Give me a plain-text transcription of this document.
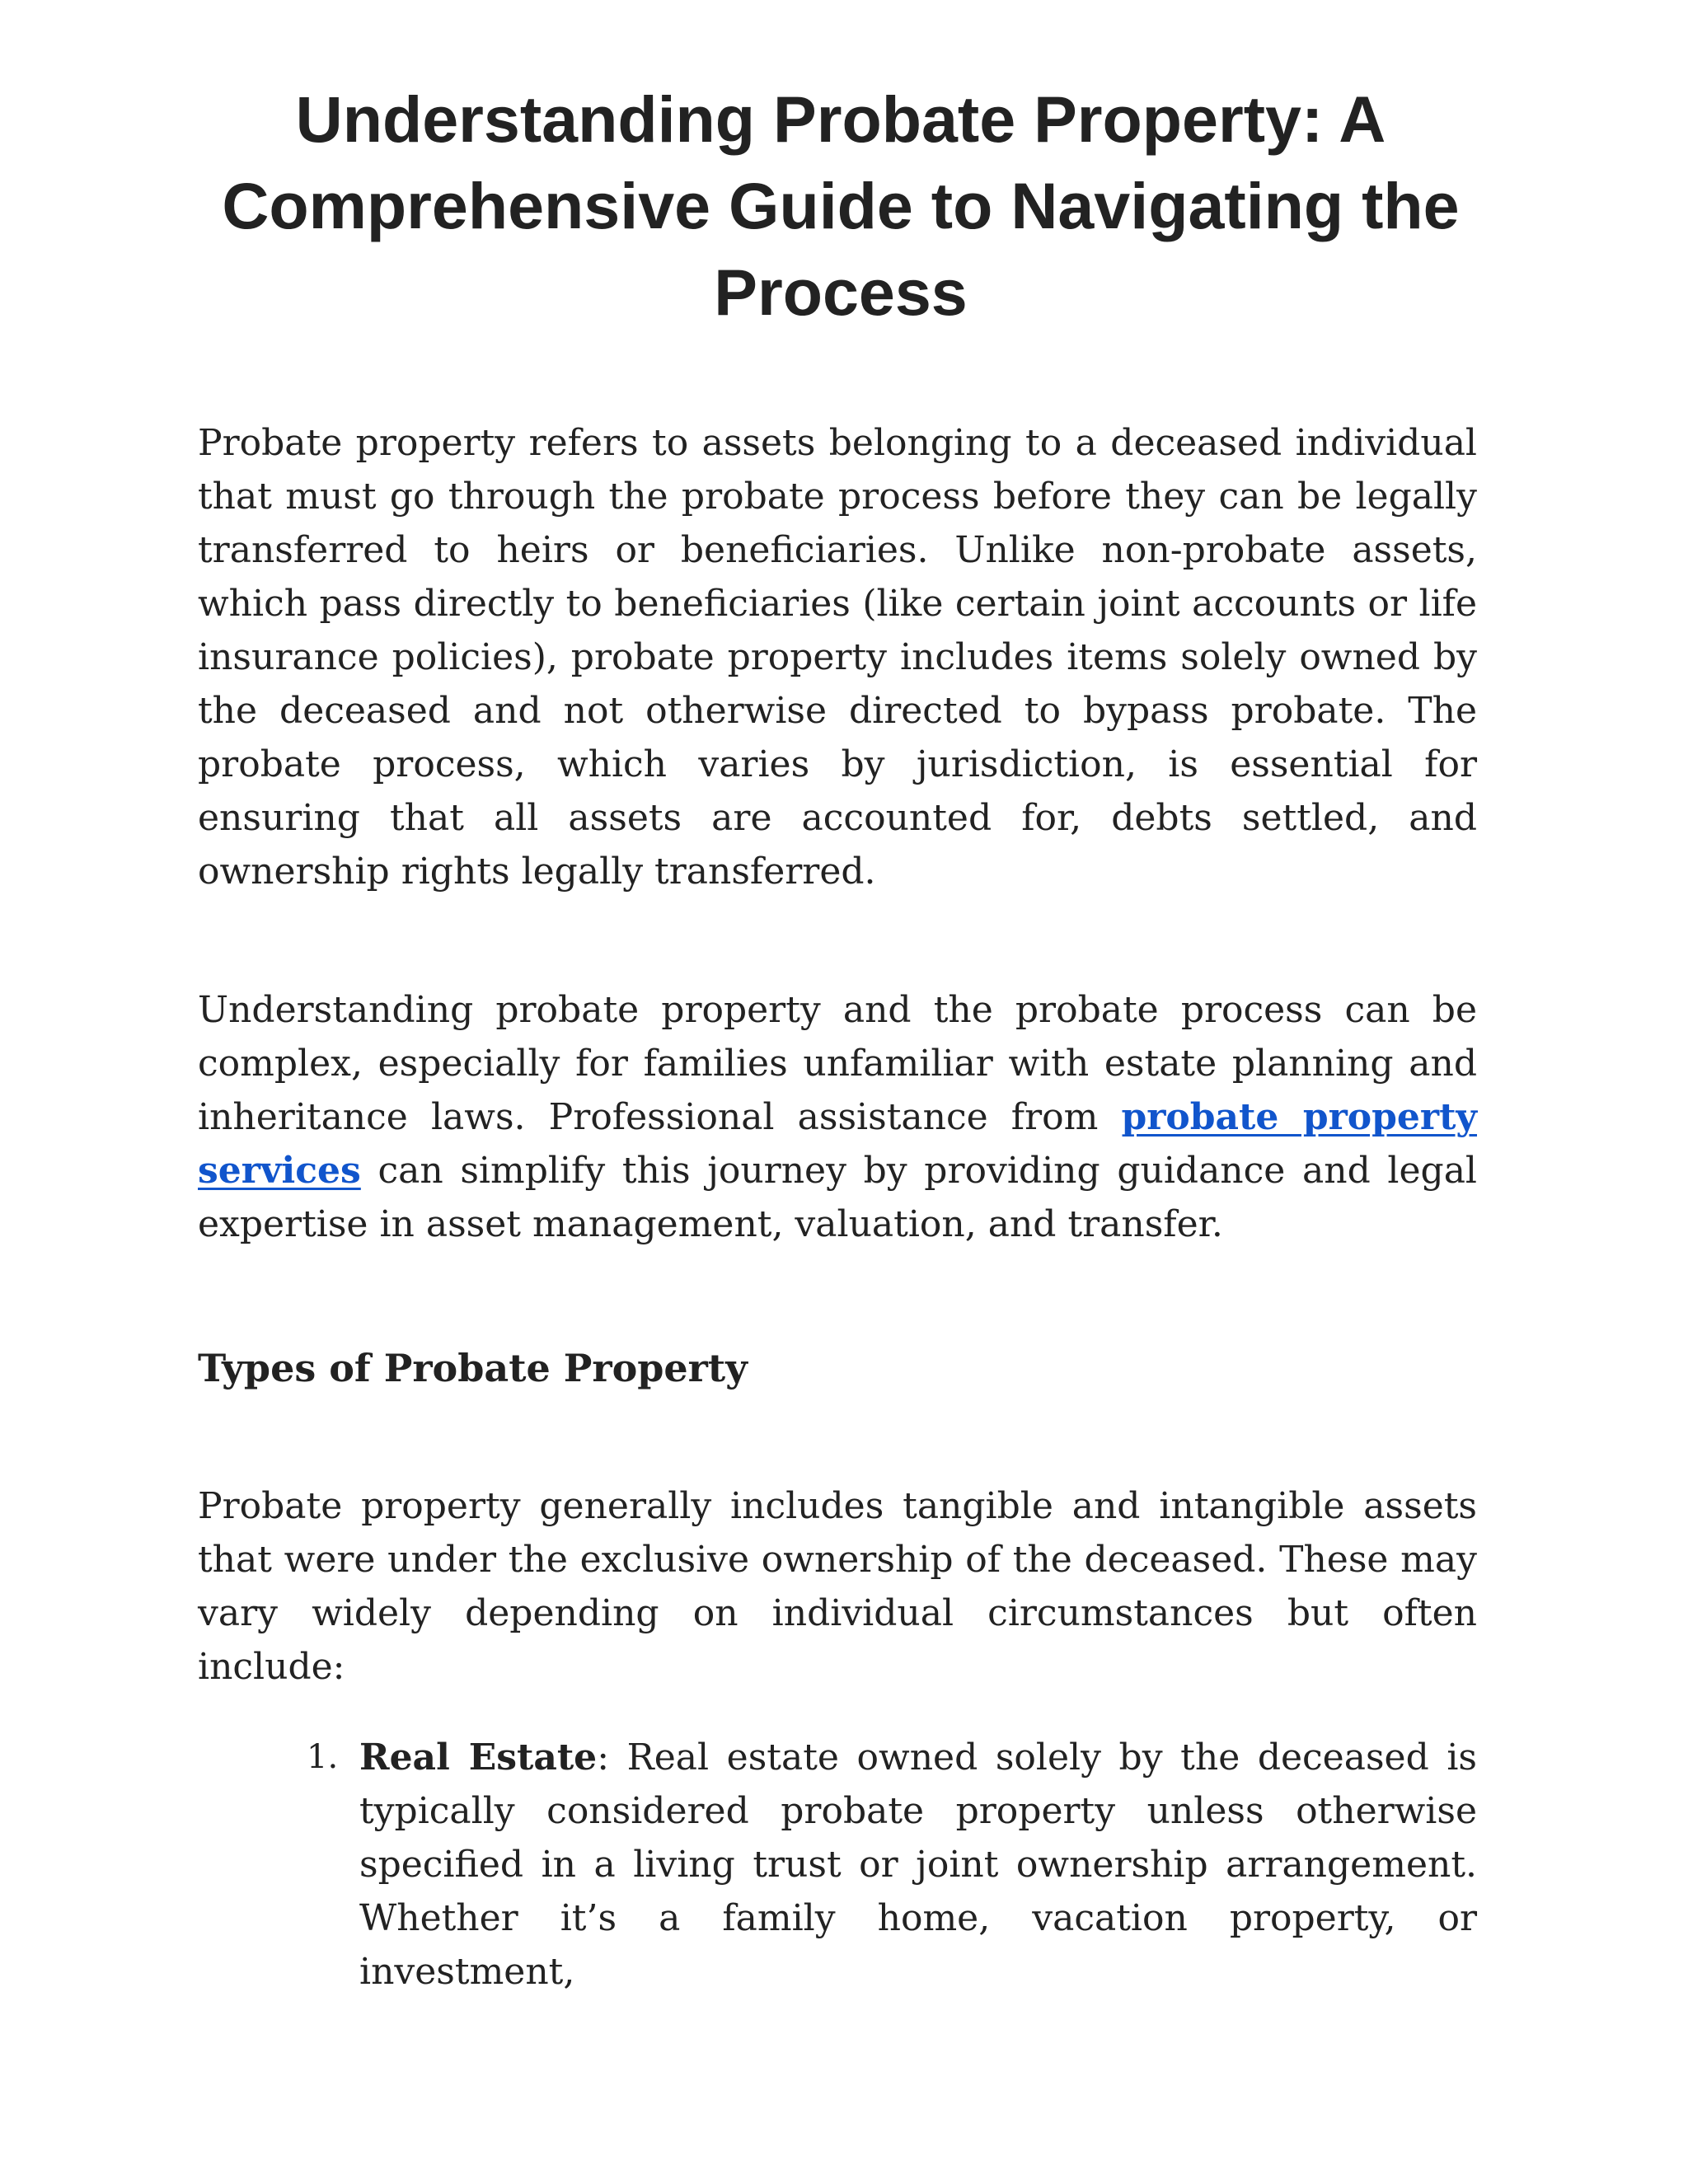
Understanding Probate Property: A Comprehensive Guide to Navigating the Process

Probate property refers to assets belonging to a deceased individual that must go through the probate process before they can be legally transferred to heirs or beneficiaries. Unlike non-probate assets, which pass directly to beneficiaries (like certain joint accounts or life insurance policies), probate property includes items solely owned by the deceased and not otherwise directed to bypass probate. The probate process, which varies by jurisdiction, is essential for ensuring that all assets are accounted for, debts settled, and ownership rights legally transferred.

Understanding probate property and the probate process can be complex, especially for families unfamiliar with estate planning and inheritance laws. Professional assistance from probate property services can simplify this journey by providing guidance and legal expertise in asset management, valuation, and transfer.

Types of Probate Property

Probate property generally includes tangible and intangible assets that were under the exclusive ownership of the deceased. These may vary widely depending on individual circumstances but often include:

1. Real Estate: Real estate owned solely by the deceased is typically considered probate property unless otherwise specified in a living trust or joint ownership arrangement. Whether it’s a family home, vacation property, or investment,
